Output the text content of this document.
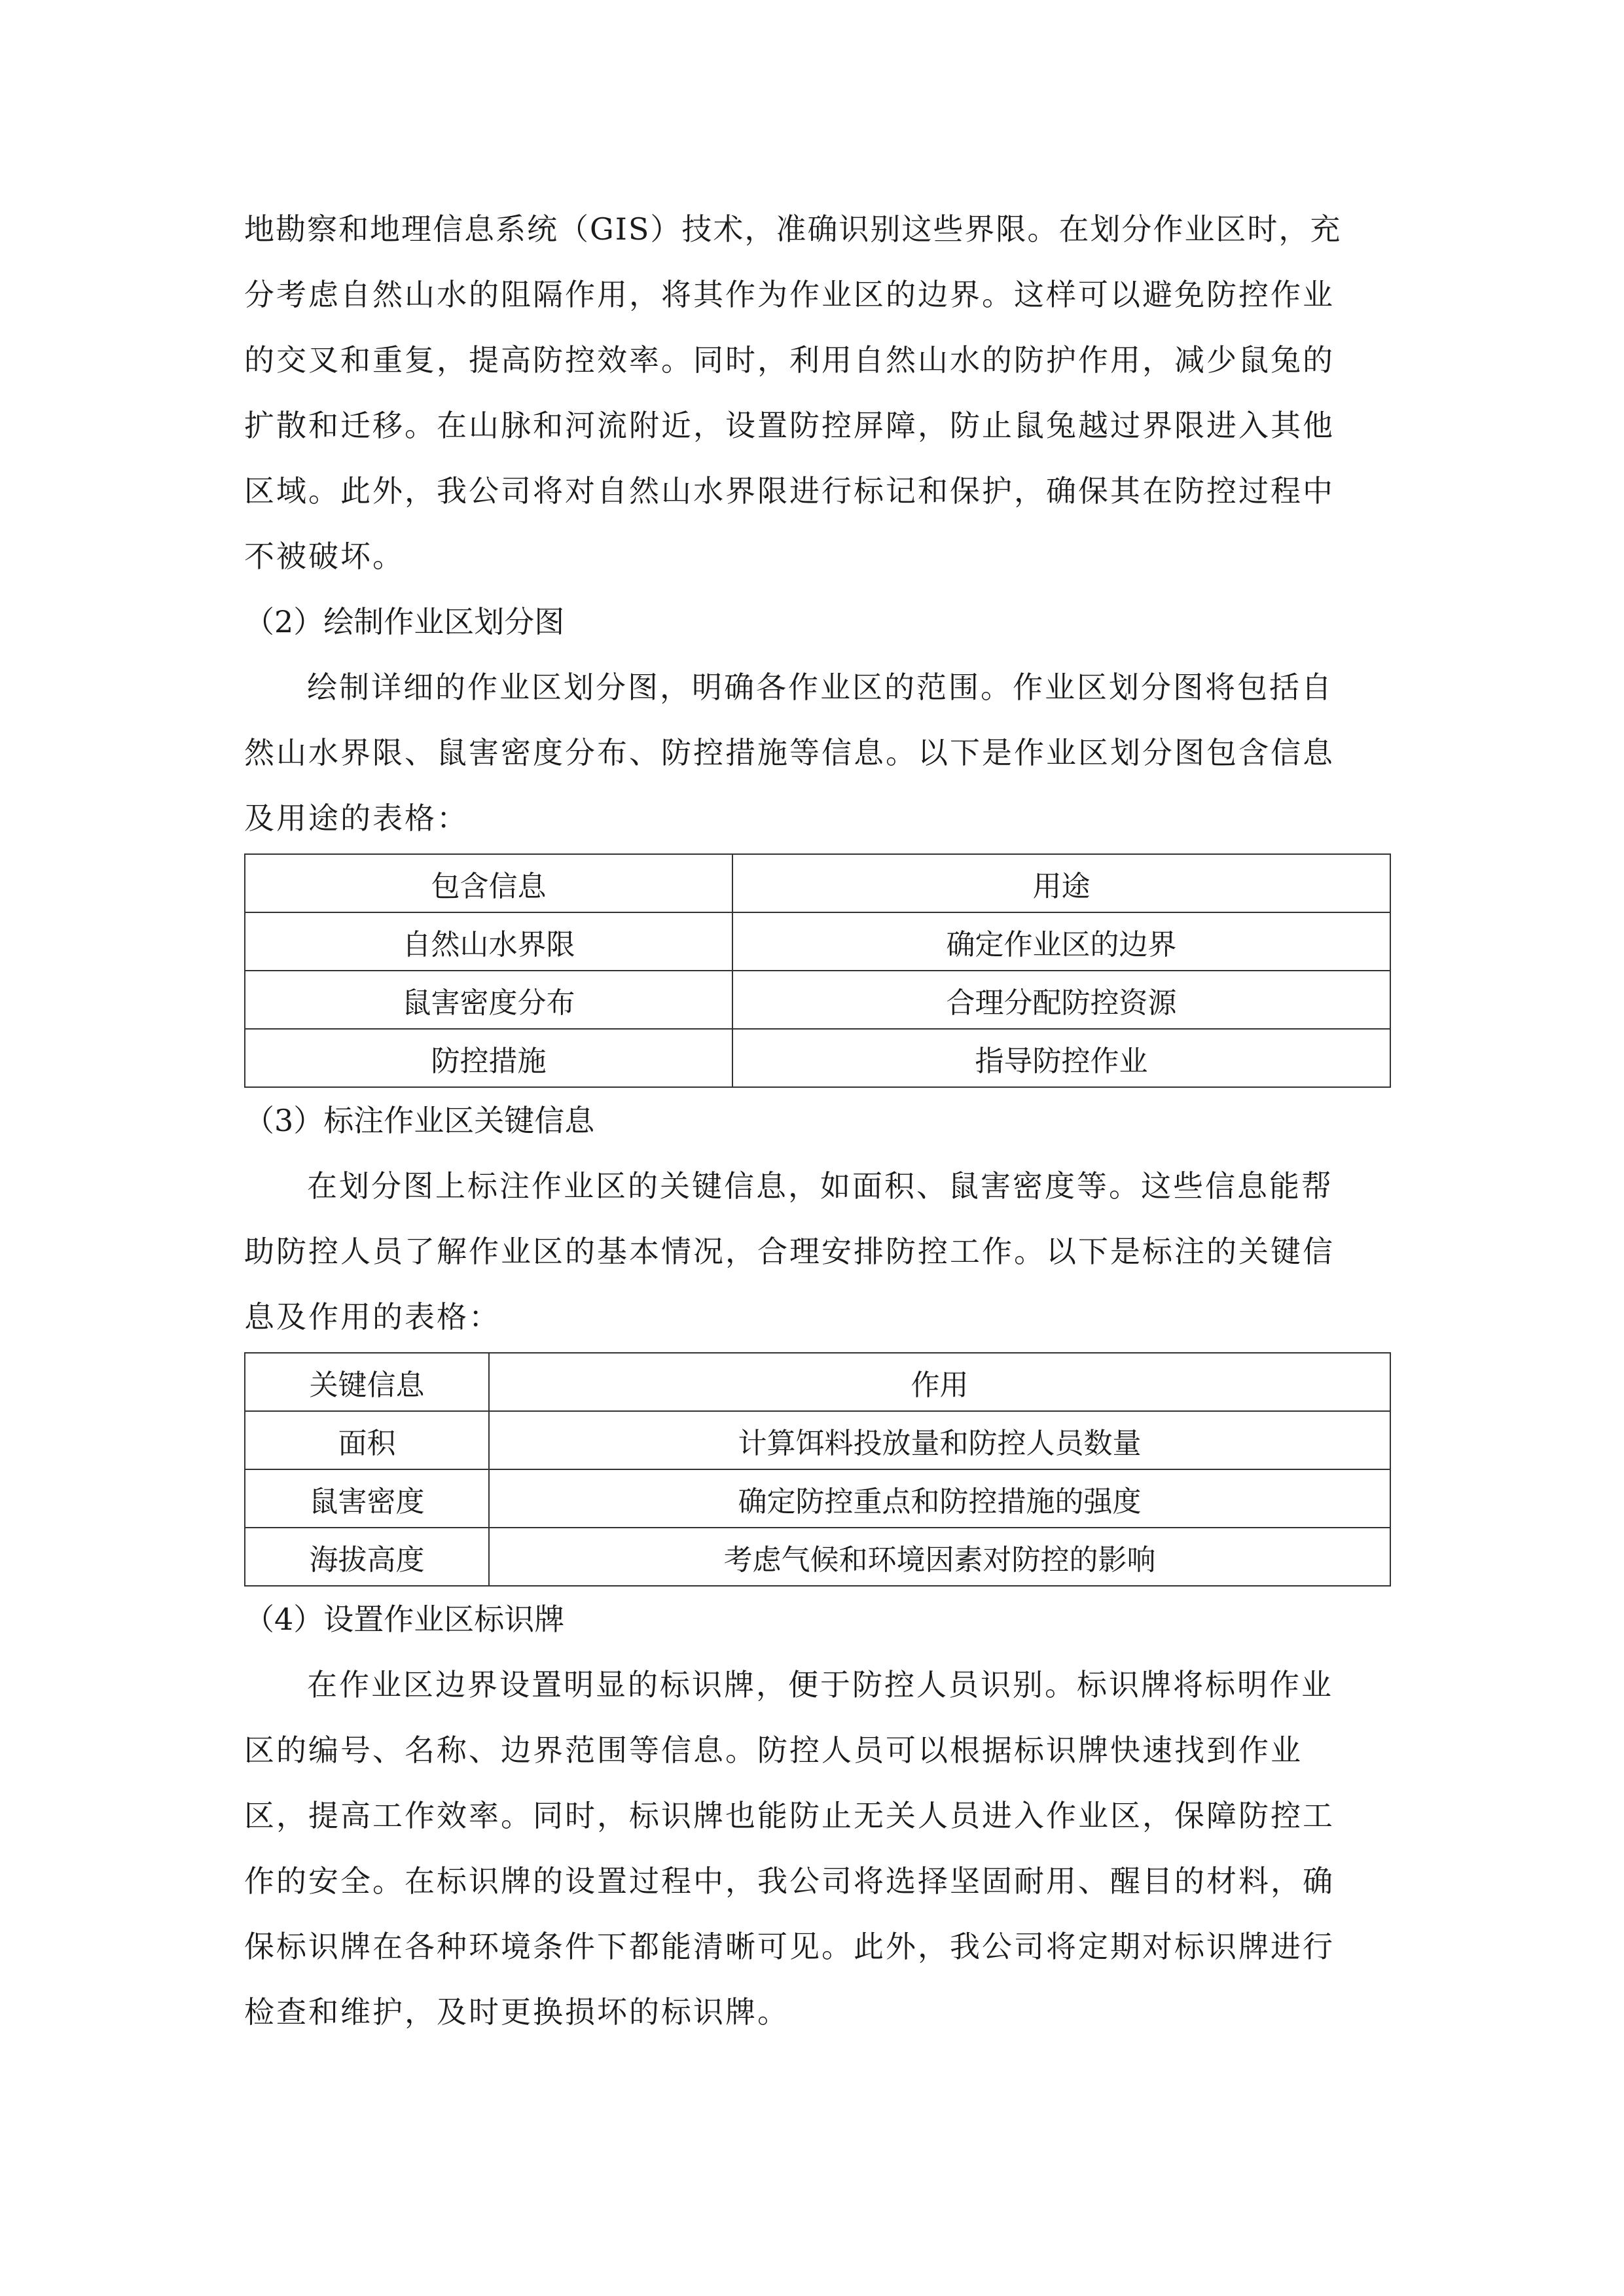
地勘察和地理信息系统（GIS）技术，准确识别这些界限。在划分作业区时，充
分考虑自然山水的阻隔作用，将其作为作业区的边界。这样可以避免防控作业
的交叉和重复，提高防控效率。同时，利用自然山水的防护作用，减少鼠兔的
扩散和迁移。在山脉和河流附近，设置防控屏障，防止鼠兔越过界限进入其他
区域。此外，我公司将对自然山水界限进行标记和保护，确保其在防控过程中
不被破坏。

（2）绘制作业区划分图

绘制详细的作业区划分图，明确各作业区的范围。作业区划分图将包括自
然山水界限、鼠害密度分布、防控措施等信息。以下是作业区划分图包含信息
及用途的表格：
包含信息	用途
自然山水界限	确定作业区的边界
鼠害密度分布	合理分配防控资源
防控措施	指导防控作业

（3）标注作业区关键信息

在划分图上标注作业区的关键信息，如面积、鼠害密度等。这些信息能帮
助防控人员了解作业区的基本情况，合理安排防控工作。以下是标注的关键信
息及作用的表格：
关键信息	作用
面积	计算饵料投放量和防控人员数量
鼠害密度	确定防控重点和防控措施的强度
海拔高度	考虑气候和环境因素对防控的影响

（4）设置作业区标识牌

在作业区边界设置明显的标识牌，便于防控人员识别。标识牌将标明作业
区的编号、名称、边界范围等信息。防控人员可以根据标识牌快速找到作业
区，提高工作效率。同时，标识牌也能防止无关人员进入作业区，保障防控工
作的安全。在标识牌的设置过程中，我公司将选择坚固耐用、醒目的材料，确
保标识牌在各种环境条件下都能清晰可见。此外，我公司将定期对标识牌进行
检查和维护，及时更换损坏的标识牌。
